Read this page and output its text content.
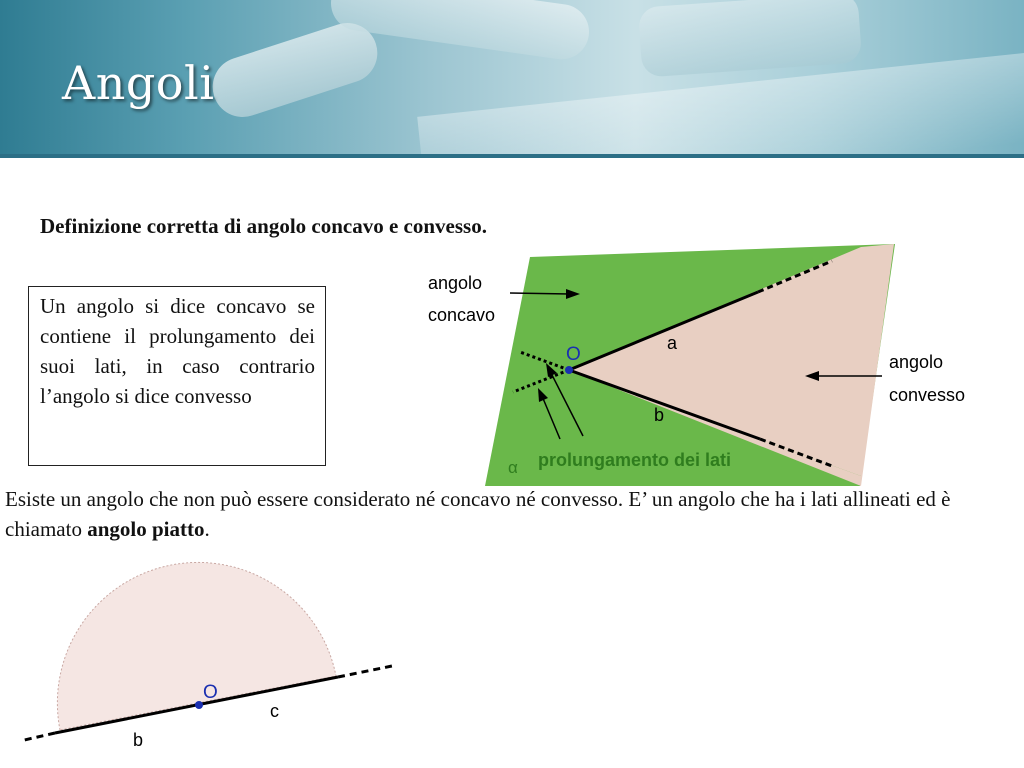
Angoli

Definizione corretta di angolo concavo e convesso.

Un angolo si dice concavo se contiene il prolungamento dei suoi lati, in caso contrario l’angolo si dice convesso
O
a
b
angolo
concavo
angolo
convesso
α prolungamento dei lati

Esiste un angolo che non può essere considerato né concavo né convesso. E’ un angolo che ha i lati allineati ed è chiamato angolo piatto.

O
c
b
